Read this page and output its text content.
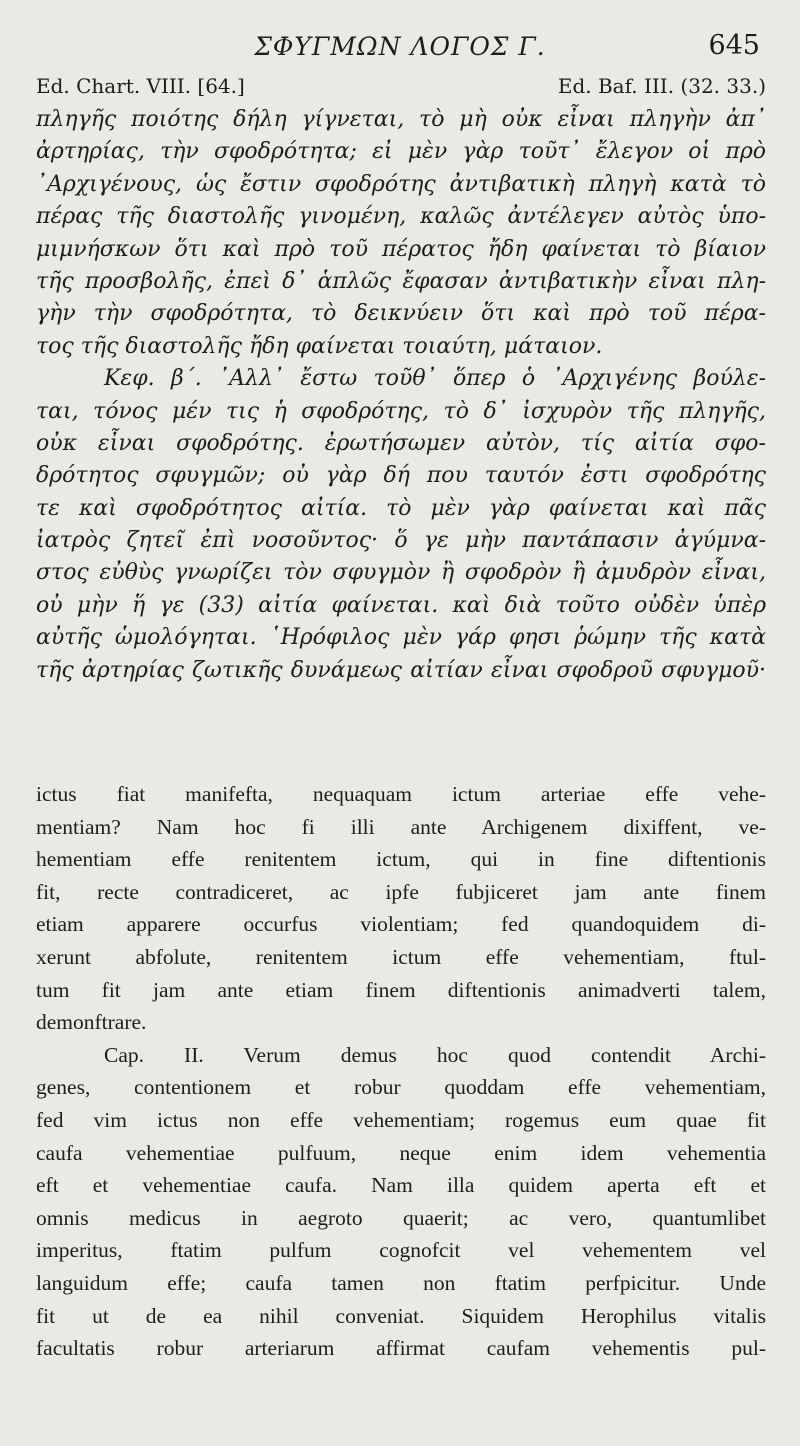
ΣΦΥΓΜΩΝ ΛΟΓΟΣ Γ.	645
Ed. Chart. VIII. [64.]	Ed. Baf. III. (32. 33.)
πληγῆς ποιότης δήλη γίγνεται, τὸ μὴ οὐκ εἶναι πληγὴν ἀπ᾽
ἀρτηρίας, τὴν σφοδρότητα; εἰ μὲν γὰρ τοῦτ᾽ ἔλεγον οἱ πρὸ
᾽Αρχιγένους, ὡς ἔστιν σφοδρότης ἀντιβατικὴ πληγὴ κατὰ τὸ
πέρας τῆς διαστολῆς γινομένη, καλῶς ἀντέλεγεν αὐτὸς ὑπο-
μιμνήσκων ὅτι καὶ πρὸ τοῦ πέρατος ἤδη φαίνεται τὸ βίαιον
τῆς προσβολῆς, ἐπεὶ δ᾽ ἁπλῶς ἔφασαν ἀντιβατικὴν εἶναι πλη-
γὴν τὴν σφοδρότητα, τὸ δεικνύειν ὅτι καὶ πρὸ τοῦ πέρα-
τος τῆς διαστολῆς ἤδη φαίνεται τοιαύτη, μάταιον.
Κεφ. β΄. ᾽Αλλ᾽ ἔστω τοῦθ᾽ ὅπερ ὁ ᾽Αρχιγένης βούλε-
ται, τόνος μέν τις ἡ σφοδρότης, τὸ δ᾽ ἰσχυρὸν τῆς πληγῆς,
οὐκ εἶναι σφοδρότης. ἐρωτήσωμεν αὐτὸν, τίς αἰτία σφο-
δρότητος σφυγμῶν; οὐ γὰρ δή που ταυτόν ἐστι σφοδρότης
τε καὶ σφοδρότητος αἰτία. τὸ μὲν γὰρ φαίνεται καὶ πᾶς
ἰατρὸς ζητεῖ ἐπὶ νοσοῦντος· ὅ γε μὴν παντάπασιν ἀγύμνα-
στος εὐθὺς γνωρίζει τὸν σφυγμὸν ἢ σφοδρὸν ἢ ἀμυδρὸν εἶναι,
οὐ μὴν ἥ γε (33) αἰτία φαίνεται. καὶ διὰ τοῦτο οὐδὲν ὑπὲρ
αὐτῆς ὡμολόγηται. ῾Ηρόφιλος μὲν γάρ φησι ῥώμην τῆς κατὰ
τῆς ἀρτηρίας ζωτικῆς δυνάμεως αἰτίαν εἶναι σφοδροῦ σφυγμοῦ·
ictus fiat manifefta, nequaquam ictum arteriae effe vehe-
mentiam? Nam hoc fi illi ante Archigenem dixiffent, ve-
hementiam effe renitentem ictum, qui in fine diftentionis
fit, recte contradiceret, ac ipfe fubjiceret jam ante finem
etiam apparere occurfus violentiam; fed quandoquidem di-
xerunt abfolute, renitentem ictum effe vehementiam, ftul-
tum fit jam ante etiam finem diftentionis animadverti talem,
demonftrare.
Cap. II. Verum demus hoc quod contendit Archi-
genes, contentionem et robur quoddam effe vehementiam,
fed vim ictus non effe vehementiam; rogemus eum quae fit
caufa vehementiae pulfuum, neque enim idem vehementia
eft et vehementiae caufa. Nam illa quidem aperta eft et
omnis medicus in aegroto quaerit; ac vero, quantumlibet
imperitus, ftatim pulfum cognofcit vel vehementem vel
languidum effe; caufa tamen non ftatim perfpicitur. Unde
fit ut de ea nihil conveniat. Siquidem Herophilus vitalis
facultatis robur arteriarum affirmat caufam vehementis pul-
